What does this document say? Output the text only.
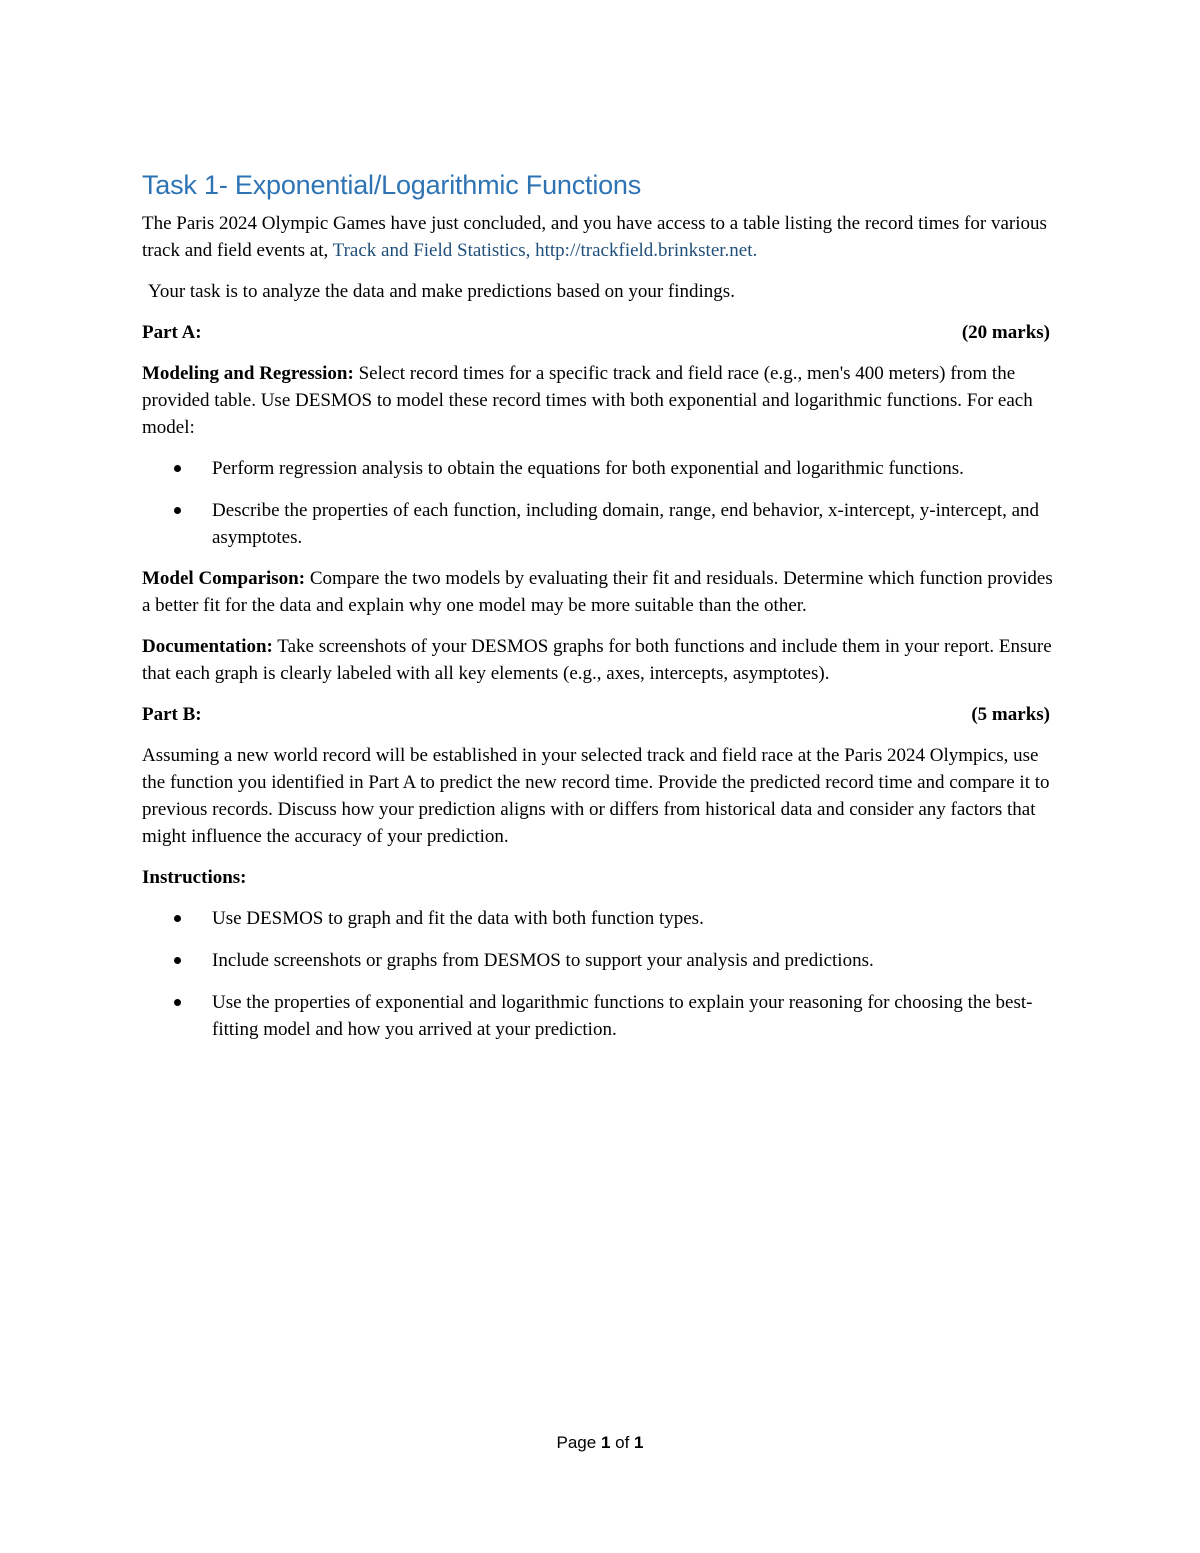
Task 1- Exponential/Logarithmic Functions

The Paris 2024 Olympic Games have just concluded, and you have access to a table listing the record times for various track and field events at, Track and Field Statistics, http://trackfield.brinkster.net.

Your task is to analyze the data and make predictions based on your findings.

Part A:	(20 marks)

Modeling and Regression: Select record times for a specific track and field race (e.g., men's 400 meters) from the provided table. Use DESMOS to model these record times with both exponential and logarithmic functions. For each model:

Perform regression analysis to obtain the equations for both exponential and logarithmic functions.
Describe the properties of each function, including domain, range, end behavior, x-intercept, y-intercept, and asymptotes.

Model Comparison: Compare the two models by evaluating their fit and residuals. Determine which function provides a better fit for the data and explain why one model may be more suitable than the other.

Documentation: Take screenshots of your DESMOS graphs for both functions and include them in your report. Ensure that each graph is clearly labeled with all key elements (e.g., axes, intercepts, asymptotes).

Part B:	(5 marks)

Assuming a new world record will be established in your selected track and field race at the Paris 2024 Olympics, use the function you identified in Part A to predict the new record time. Provide the predicted record time and compare it to previous records. Discuss how your prediction aligns with or differs from historical data and consider any factors that might influence the accuracy of your prediction.

Instructions:

Use DESMOS to graph and fit the data with both function types.
Include screenshots or graphs from DESMOS to support your analysis and predictions.
Use the properties of exponential and logarithmic functions to explain your reasoning for choosing the best-fitting model and how you arrived at your prediction.
Page 1 of 1
